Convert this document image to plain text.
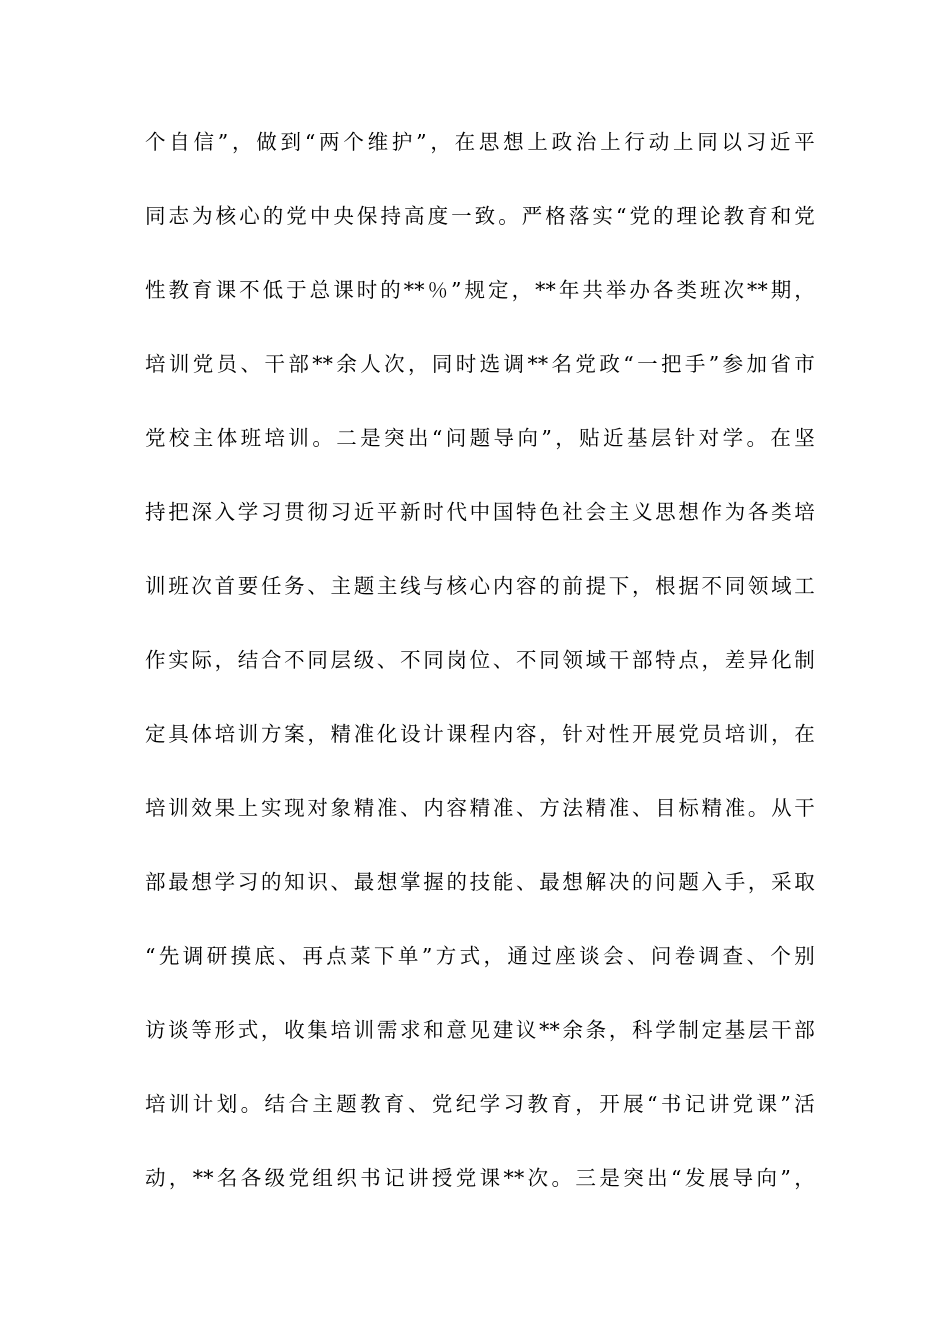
个自信”，做到“两个维护”，在思想上政治上行动上同以习近平
同志为核心的党中央保持高度一致。严格落实“党的理论教育和党
性教育课不低于总课时的**％”规定，**年共举办各类班次**期，
培训党员、干部**余人次，同时选调**名党政“一把手”参加省市
党校主体班培训。二是突出“问题导向”，贴近基层针对学。在坚
持把深入学习贯彻习近平新时代中国特色社会主义思想作为各类培
训班次首要任务、主题主线与核心内容的前提下，根据不同领域工
作实际，结合不同层级、不同岗位、不同领域干部特点，差异化制
定具体培训方案，精准化设计课程内容，针对性开展党员培训，在
培训效果上实现对象精准、内容精准、方法精准、目标精准。从干
部最想学习的知识、最想掌握的技能、最想解决的问题入手，采取
“先调研摸底、再点菜下单”方式，通过座谈会、问卷调查、个别
访谈等形式，收集培训需求和意见建议**余条，科学制定基层干部
培训计划。结合主题教育、党纪学习教育，开展“书记讲党课”活
动，**名各级党组织书记讲授党课**次。三是突出“发展导向”，
